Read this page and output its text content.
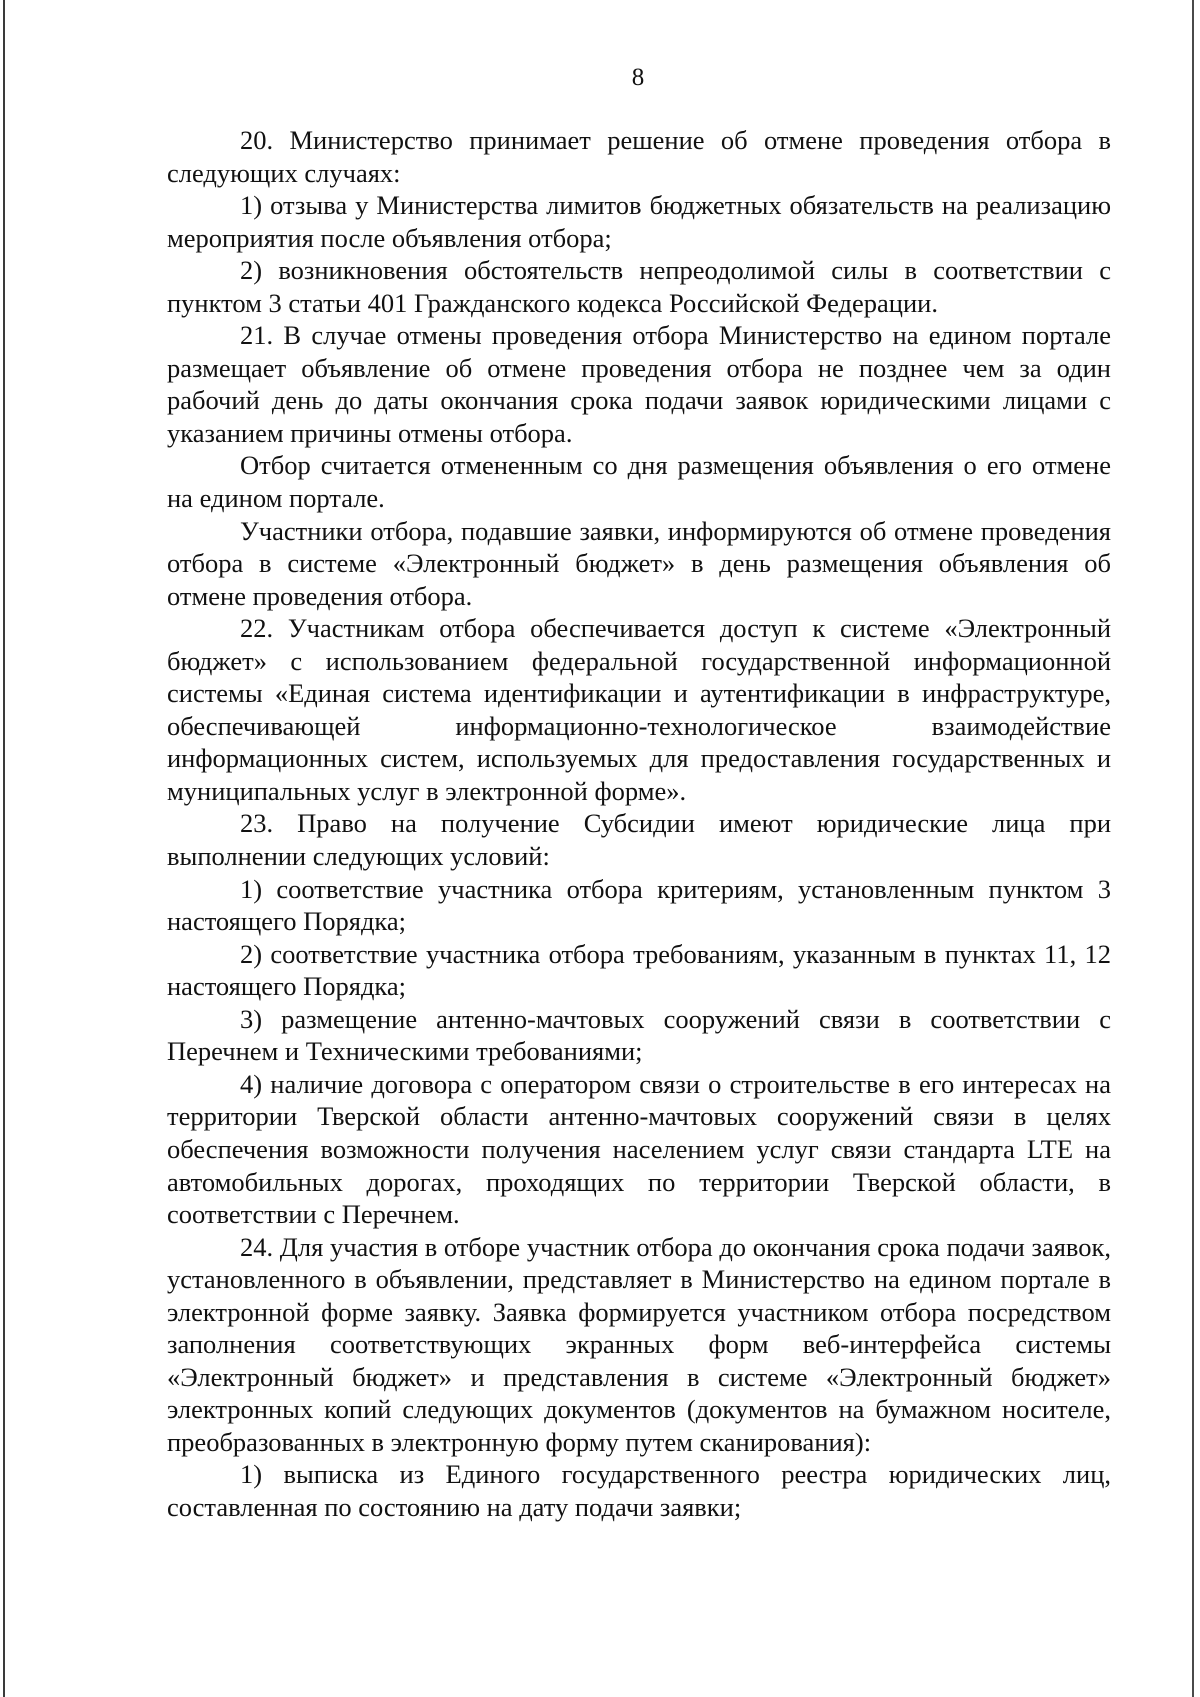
8

20. Министерство принимает решение об отмене проведения отбора в следующих случаях:

1) отзыва у Министерства лимитов бюджетных обязательств на реализацию мероприятия после объявления отбора;

2) возникновения обстоятельств непреодолимой силы в соответствии с пунктом 3 статьи 401 Гражданского кодекса Российской Федерации.

21. В случае отмены проведения отбора Министерство на едином портале размещает объявление об отмене проведения отбора не позднее чем за один рабочий день до даты окончания срока подачи заявок юридическими лицами с указанием причины отмены отбора.

Отбор считается отмененным со дня размещения объявления о его отмене на едином портале.

Участники отбора, подавшие заявки, информируются об отмене проведения отбора в системе «Электронный бюджет» в день размещения объявления об отмене проведения отбора.

22. Участникам отбора обеспечивается доступ к системе «Электронный бюджет» с использованием федеральной государственной информационной системы «Единая система идентификации и аутентификации в инфраструктуре, обеспечивающей информационно-технологическое взаимодействие информационных систем, используемых для предоставления государственных и муниципальных услуг в электронной форме».

23. Право на получение Субсидии имеют юридические лица при выполнении следующих условий:

1) соответствие участника отбора критериям, установленным пунктом 3 настоящего Порядка;

2) соответствие участника отбора требованиям, указанным в пунктах 11, 12 настоящего Порядка;

3) размещение антенно-мачтовых сооружений связи в соответствии с Перечнем и Техническими требованиями;

4) наличие договора с оператором связи о строительстве в его интересах на территории Тверской области антенно-мачтовых сооружений связи в целях обеспечения возможности получения населением услуг связи стандарта LTE на автомобильных дорогах, проходящих по территории Тверской области, в соответствии с Перечнем.

24. Для участия в отборе участник отбора до окончания срока подачи заявок, установленного в объявлении, представляет в Министерство на едином портале в электронной форме заявку. Заявка формируется участником отбора посредством заполнения соответствующих экранных форм веб-интерфейса системы «Электронный бюджет» и представления в системе «Электронный бюджет» электронных копий следующих документов (документов на бумажном носителе, преобразованных в электронную форму путем сканирования):

1) выписка из Единого государственного реестра юридических лиц, составленная по состоянию на дату подачи заявки;
